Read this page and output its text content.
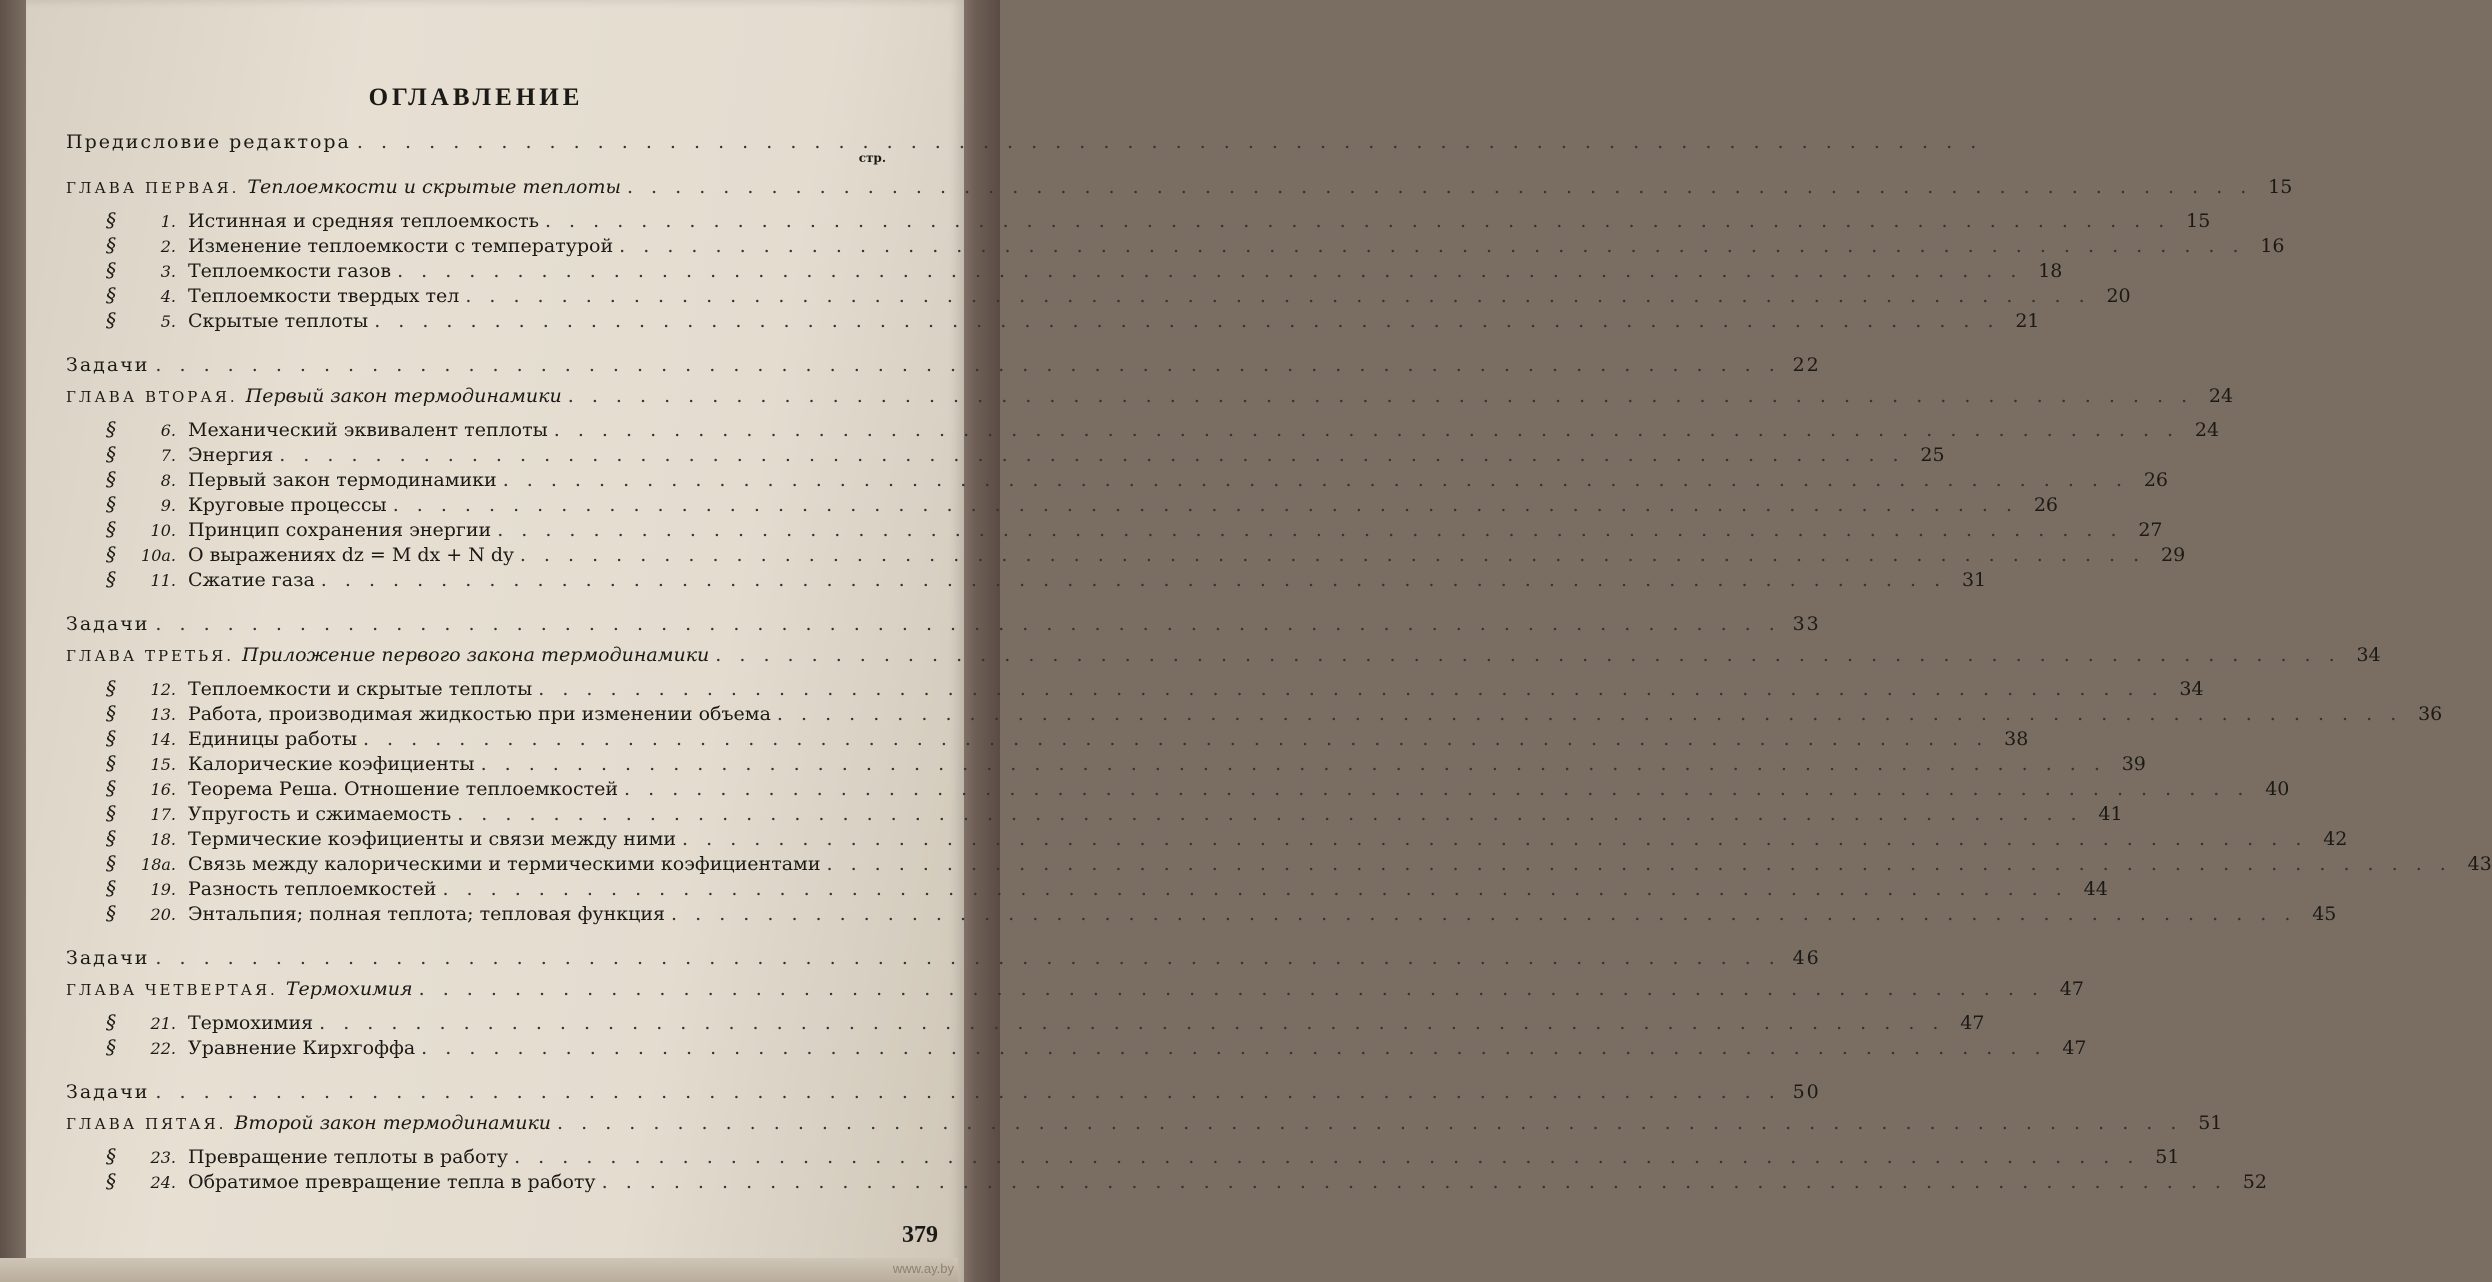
ОГЛАВЛЕНИЕ
Предисловие редактора . . . . . . . . . . . . . . . . . . . . . . . . . . . . . . . . . . . . . . . . . . . . . . . . . . . . . . . . . . . . . . . . . . . .
стр.
ГЛАВА ПЕРВАЯ. Теплоемкости и скрытые теплоты . . . . . . . . . . . . . . . . . . . . . . . . . . . . . . . . . . . . . . . . . . . . . . . . . . . . . . . . . . . . . . . . . . . . 15
§	1. Истинная и средняя теплоемкость . . . . . . . . . . . . . . . . . . . . . . . . . . . . . . . . . . . . . . . . . . . . . . . . . . . . . . . . . . . . . . . . . . . . 15
§	2. Изменение теплоемкости с температурой . . . . . . . . . . . . . . . . . . . . . . . . . . . . . . . . . . . . . . . . . . . . . . . . . . . . . . . . . . . . . . . . . . . . 16
§	3. Теплоемкости газов . . . . . . . . . . . . . . . . . . . . . . . . . . . . . . . . . . . . . . . . . . . . . . . . . . . . . . . . . . . . . . . . . . . . 18
§	4. Теплоемкости твердых тел . . . . . . . . . . . . . . . . . . . . . . . . . . . . . . . . . . . . . . . . . . . . . . . . . . . . . . . . . . . . . . . . . . . . 20
§	5. Скрытые теплоты . . . . . . . . . . . . . . . . . . . . . . . . . . . . . . . . . . . . . . . . . . . . . . . . . . . . . . . . . . . . . . . . . . . . 21
Задачи . . . . . . . . . . . . . . . . . . . . . . . . . . . . . . . . . . . . . . . . . . . . . . . . . . . . . . . . . . . . . . . . . . . . 22
ГЛАВА ВТОРАЯ. Первый закон термодинамики . . . . . . . . . . . . . . . . . . . . . . . . . . . . . . . . . . . . . . . . . . . . . . . . . . . . . . . . . . . . . . . . . . . . 24
§	6. Механический эквивалент теплоты . . . . . . . . . . . . . . . . . . . . . . . . . . . . . . . . . . . . . . . . . . . . . . . . . . . . . . . . . . . . . . . . . . . . 24
§	7. Энергия . . . . . . . . . . . . . . . . . . . . . . . . . . . . . . . . . . . . . . . . . . . . . . . . . . . . . . . . . . . . . . . . . . . . 25
§	8. Первый закон термодинамики . . . . . . . . . . . . . . . . . . . . . . . . . . . . . . . . . . . . . . . . . . . . . . . . . . . . . . . . . . . . . . . . . . . . 26
§	9. Круговые процессы . . . . . . . . . . . . . . . . . . . . . . . . . . . . . . . . . . . . . . . . . . . . . . . . . . . . . . . . . . . . . . . . . . . . 26
§ 10. Принцип сохранения энергии . . . . . . . . . . . . . . . . . . . . . . . . . . . . . . . . . . . . . . . . . . . . . . . . . . . . . . . . . . . . . . . . . . . . 27
§ 10a. О выражениях dz = M dx + N dy . . . . . . . . . . . . . . . . . . . . . . . . . . . . . . . . . . . . . . . . . . . . . . . . . . . . . . . . . . . . . . . . . . . . 29
§ 11. Сжатие газа . . . . . . . . . . . . . . . . . . . . . . . . . . . . . . . . . . . . . . . . . . . . . . . . . . . . . . . . . . . . . . . . . . . . 31
Задачи . . . . . . . . . . . . . . . . . . . . . . . . . . . . . . . . . . . . . . . . . . . . . . . . . . . . . . . . . . . . . . . . . . . . 33
ГЛАВА ТРЕТЬЯ. Приложение первого закона термодинамики . . . . . . . . . . . . . . . . . . . . . . . . . . . . . . . . . . . . . . . . . . . . . . . . . . . . . . . . . . . . . . . . . . . . 34
§ 12. Теплоемкости и скрытые теплоты . . . . . . . . . . . . . . . . . . . . . . . . . . . . . . . . . . . . . . . . . . . . . . . . . . . . . . . . . . . . . . . . . . . . 34
§ 13. Работа, производимая жидкостью при изменении объема . . . . . . . . . . . . . . . . . . . . . . . . . . . . . . . . . . . . . . . . . . . . . . . . . . . . . . . . . . . . . . . . . . . . 36
§ 14. Единицы работы . . . . . . . . . . . . . . . . . . . . . . . . . . . . . . . . . . . . . . . . . . . . . . . . . . . . . . . . . . . . . . . . . . . . 38
§ 15. Калорические коэфициенты . . . . . . . . . . . . . . . . . . . . . . . . . . . . . . . . . . . . . . . . . . . . . . . . . . . . . . . . . . . . . . . . . . . . 39
§ 16. Теорема Реша. Отношение теплоемкостей . . . . . . . . . . . . . . . . . . . . . . . . . . . . . . . . . . . . . . . . . . . . . . . . . . . . . . . . . . . . . . . . . . . . 40
§ 17. Упругость и сжимаемость . . . . . . . . . . . . . . . . . . . . . . . . . . . . . . . . . . . . . . . . . . . . . . . . . . . . . . . . . . . . . . . . . . . . 41
§ 18. Термические коэфициенты и связи между ними . . . . . . . . . . . . . . . . . . . . . . . . . . . . . . . . . . . . . . . . . . . . . . . . . . . . . . . . . . . . . . . . . . . . 42
§ 18a. Связь между калорическими и термическими коэфициентами . . . . . . . . . . . . . . . . . . . . . . . . . . . . . . . . . . . . . . . . . . . . . . . . . . . . . . . . . . . . . . . . . . . . 43
§ 19. Разность теплоемкостей . . . . . . . . . . . . . . . . . . . . . . . . . . . . . . . . . . . . . . . . . . . . . . . . . . . . . . . . . . . . . . . . . . . . 44
§ 20. Энтальпия; полная теплота; тепловая функция . . . . . . . . . . . . . . . . . . . . . . . . . . . . . . . . . . . . . . . . . . . . . . . . . . . . . . . . . . . . . . . . . . . . 45
Задачи . . . . . . . . . . . . . . . . . . . . . . . . . . . . . . . . . . . . . . . . . . . . . . . . . . . . . . . . . . . . . . . . . . . . 46
ГЛАВА ЧЕТВЕРТАЯ. Термохимия . . . . . . . . . . . . . . . . . . . . . . . . . . . . . . . . . . . . . . . . . . . . . . . . . . . . . . . . . . . . . . . . . . . . 47
§ 21. Термохимия . . . . . . . . . . . . . . . . . . . . . . . . . . . . . . . . . . . . . . . . . . . . . . . . . . . . . . . . . . . . . . . . . . . . 47
§ 22. Уравнение Кирхгоффа . . . . . . . . . . . . . . . . . . . . . . . . . . . . . . . . . . . . . . . . . . . . . . . . . . . . . . . . . . . . . . . . . . . . 47
Задачи . . . . . . . . . . . . . . . . . . . . . . . . . . . . . . . . . . . . . . . . . . . . . . . . . . . . . . . . . . . . . . . . . . . . 50
ГЛАВА ПЯТАЯ. Второй закон термодинамики . . . . . . . . . . . . . . . . . . . . . . . . . . . . . . . . . . . . . . . . . . . . . . . . . . . . . . . . . . . . . . . . . . . . 51
§ 23. Превращение теплоты в работу . . . . . . . . . . . . . . . . . . . . . . . . . . . . . . . . . . . . . . . . . . . . . . . . . . . . . . . . . . . . . . . . . . . . 51
§ 24. Обратимое превращение тепла в работу . . . . . . . . . . . . . . . . . . . . . . . . . . . . . . . . . . . . . . . . . . . . . . . . . . . . . . . . . . . . . . . . . . . . 52
379
www.ay.by
